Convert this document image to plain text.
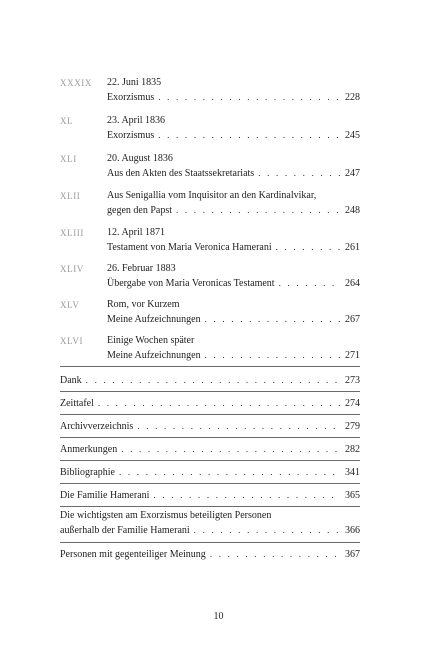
XXXIX 22. Juni 1835
Exorzismus . . .	228
XL	23. April 1836
Exorzismus . . .	245
XLI	20. August 1836
Aus den Akten des Staatssekretariats . . .	247
XLII	Aus Senigallia vom Inquisitor an den Kardinalvikar,
gegen den Papst . . .	248
XLIII 12. April 1871
Testament von Maria Veronica Hamerani . . .	261
XLIV 26. Februar 1883
Übergabe von Maria Veronicas Testament . . .	264
XLV	Rom, vor Kurzem
Meine Aufzeichnungen . . .	267
XLVI Einige Wochen später
Meine Aufzeichnungen . . .	271
Dank . . .	273
Zeittafel . . .	274
Archivverzeichnis . . .	279
Anmerkungen . . .	282
Bibliographie . . .	341
Die Familie Hamerani . . .	365
Die wichtigsten am Exorzismus beteiligten Personen
außerhalb der Familie Hamerani . . .	366
Personen mit gegenteiliger Meinung . . .	367
10
